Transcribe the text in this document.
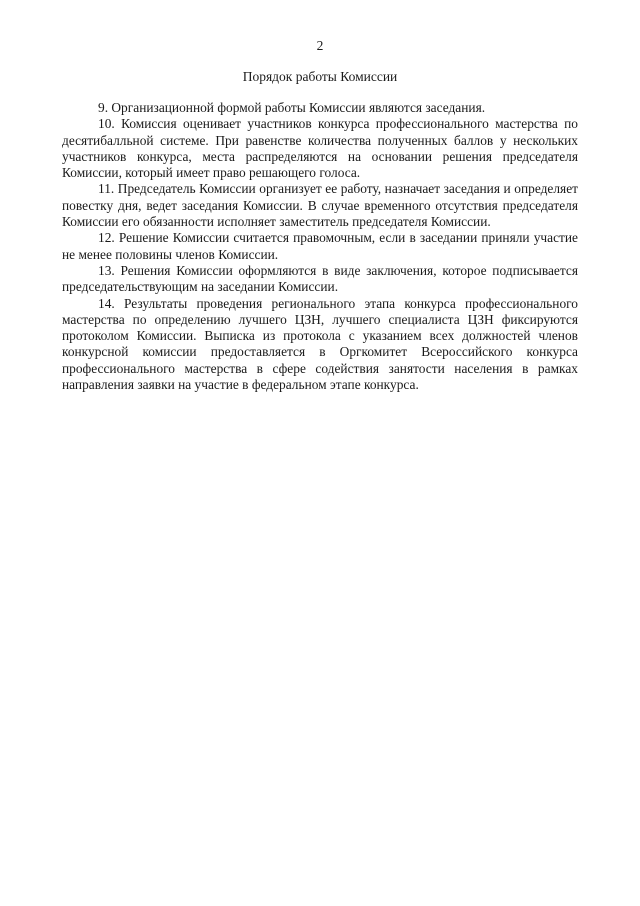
2
Порядок работы Комиссии

9. Организационной формой работы Комиссии являются заседания.

10. Комиссия оценивает участников конкурса профессионального мастерства по десятибалльной системе. При равенстве количества полученных баллов у нескольких участников конкурса, места распределяются на основании решения председателя Комиссии, который имеет право решающего голоса.

11. Председатель Комиссии организует ее работу, назначает заседания и определяет повестку дня, ведет заседания Комиссии. В случае временного отсутствия председателя Комиссии его обязанности исполняет заместитель председателя Комиссии.

12. Решение Комиссии считается правомочным, если в заседании приняли участие не менее половины членов Комиссии.

13. Решения Комиссии оформляются в виде заключения, которое подписывается председательствующим на заседании Комиссии.

14. Результаты проведения регионального этапа конкурса профессионального мастерства по определению лучшего ЦЗН, лучшего специалиста ЦЗН фиксируются протоколом Комиссии. Выписка из протокола с указанием всех должностей членов конкурсной комиссии предоставляется в Оргкомитет Всероссийского конкурса профессионального мастерства в сфере содействия занятости населения в рамках направления заявки на участие в федеральном этапе конкурса.
